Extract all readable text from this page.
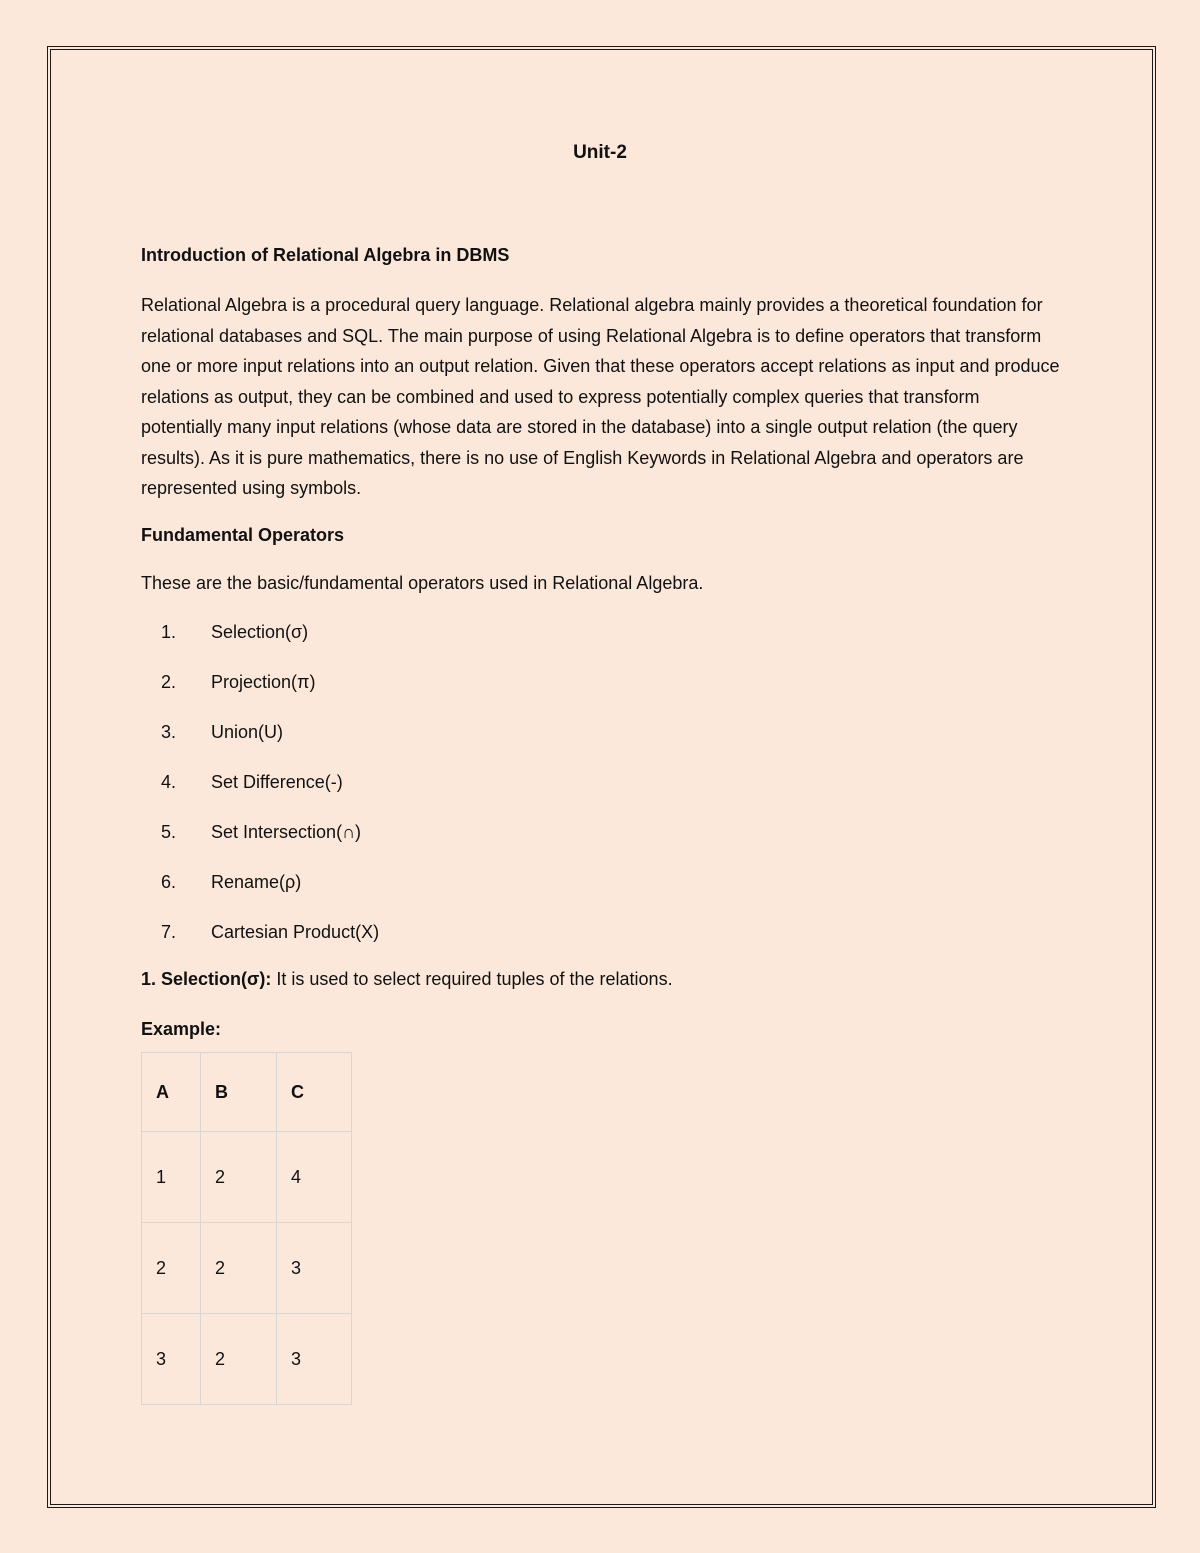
Unit-2

Introduction of Relational Algebra in DBMS

Relational Algebra is a procedural query language. Relational algebra mainly provides a theoretical foundation for relational databases and SQL. The main purpose of using Relational Algebra is to define operators that transform one or more input relations into an output relation. Given that these operators accept relations as input and produce relations as output, they can be combined and used to express potentially complex queries that transform potentially many input relations (whose data are stored in the database) into a single output relation (the query results). As it is pure mathematics, there is no use of English Keywords in Relational Algebra and operators are represented using symbols.

Fundamental Operators

These are the basic/fundamental operators used in Relational Algebra.

1. Selection(σ)
2. Projection(π)
3. Union(U)
4. Set Difference(-)
5. Set Intersection(∩)
6. Rename(ρ)
7. Cartesian Product(X)

1. Selection(σ): It is used to select required tuples of the relations.

Example:

A	B	C
1	2	4
2	2	3
3	2	3
